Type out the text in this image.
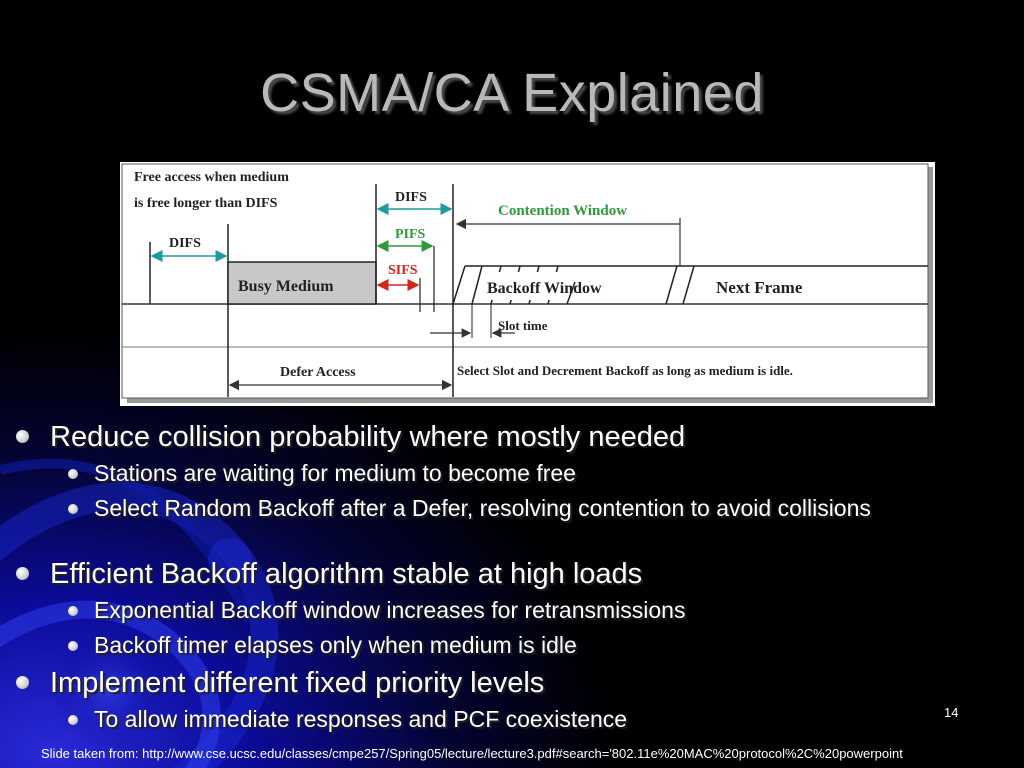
CSMA/CA Explained
Free access when medium
is free longer than DIFS
DIFS
Busy Medium
DIFS
PIFS
SIFS
Contention Window
Backoff Window	Next Frame
Slot time
Defer Access	Select Slot and Decrement Backoff as long as medium is idle.
Reduce collision probability where mostly needed
Stations are waiting for medium to become free
Select Random Backoff after a Defer, resolving contention to avoid collisions
Efficient Backoff algorithm stable at high loads
Exponential Backoff window increases for retransmissions
Backoff timer elapses only when medium is idle
Implement different fixed priority levels
To allow immediate responses and PCF coexistence	14
Slide taken from: http://www.cse.ucsc.edu/classes/cmpe257/Spring05/lecture/lecture3.pdf#search='802.11e%20MAC%20protocol%2C%20powerpoint
